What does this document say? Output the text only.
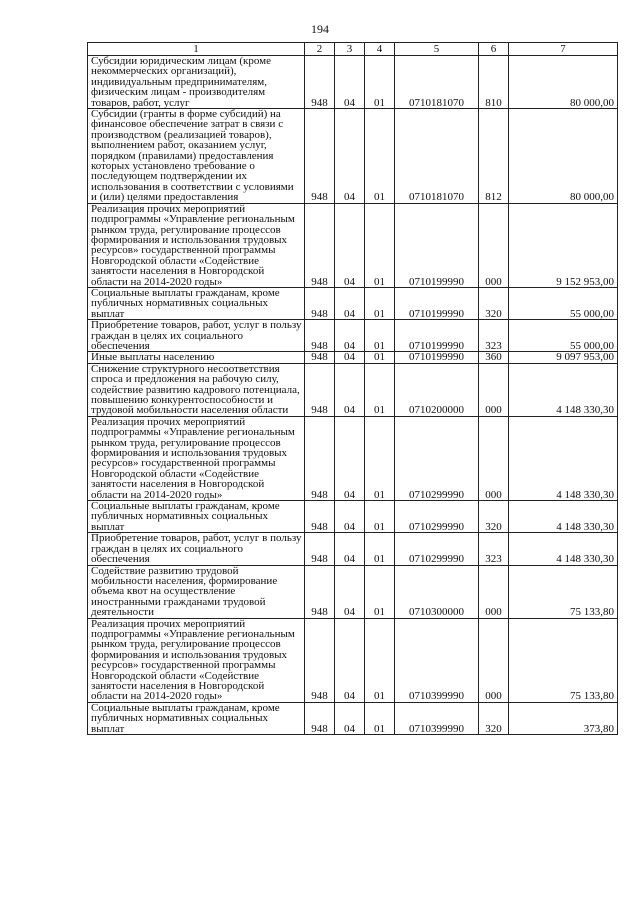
194
1	2	3	4	5	6	7
Субсидии юридическим лицам (кроме некоммерческих организаций), индивидуальным предпринимателям, физическим лицам - производителям товаров, работ, услуг	948	04	01	0710181070	810	80 000,00
Субсидии (гранты в форме субсидий) на финансовое обеспечение затрат в связи с производством (реализацией товаров), выполнением работ, оказанием услуг, порядком (правилами) предоставления которых установлено требование о последующем подтверждении их использования в соответствии с условиями и (или) целями предоставления	948	04	01	0710181070	812	80 000,00
Реализация прочих мероприятий подпрограммы «Управление региональным рынком труда, регулирование процессов формирования и использования трудовых ресурсов» государственной программы Новгородской области «Содействие занятости населения в Новгородской области на 2014-2020 годы»	948	04	01	0710199990	000	9 152 953,00
Социальные выплаты гражданам, кроме публичных нормативных социальных выплат	948	04	01	0710199990	320	55 000,00
Приобретение товаров, работ, услуг в пользу граждан в целях их социального обеспечения	948	04	01	0710199990	323	55 000,00
Иные выплаты населению	948	04	01	0710199990	360	9 097 953,00
Снижение структурного несоответствия спроса и предложения на рабочую силу, содействие развитию кадрового потенциала, повышению конкурентоспособности и трудовой мобильности населения области	948	04	01	0710200000	000	4 148 330,30
Реализация прочих мероприятий подпрограммы «Управление региональным рынком труда, регулирование процессов формирования и использования трудовых ресурсов» государственной программы Новгородской области «Содействие занятости населения в Новгородской области на 2014-2020 годы»	948	04	01	0710299990	000	4 148 330,30
Социальные выплаты гражданам, кроме публичных нормативных социальных выплат	948	04	01	0710299990	320	4 148 330,30
Приобретение товаров, работ, услуг в пользу граждан в целях их социального обеспечения	948	04	01	0710299990	323	4 148 330,30
Содействие развитию трудовой мобильности населения, формирование объема квот на осуществление иностранными гражданами трудовой деятельности	948	04	01	0710300000	000	75 133,80
Реализация прочих мероприятий подпрограммы «Управление региональным рынком труда, регулирование процессов формирования и использования трудовых ресурсов» государственной программы Новгородской области «Содействие занятости населения в Новгородской области на 2014-2020 годы»	948	04	01	0710399990	000	75 133,80
Социальные выплаты гражданам, кроме публичных нормативных социальных выплат	948	04	01	0710399990	320	373,80
